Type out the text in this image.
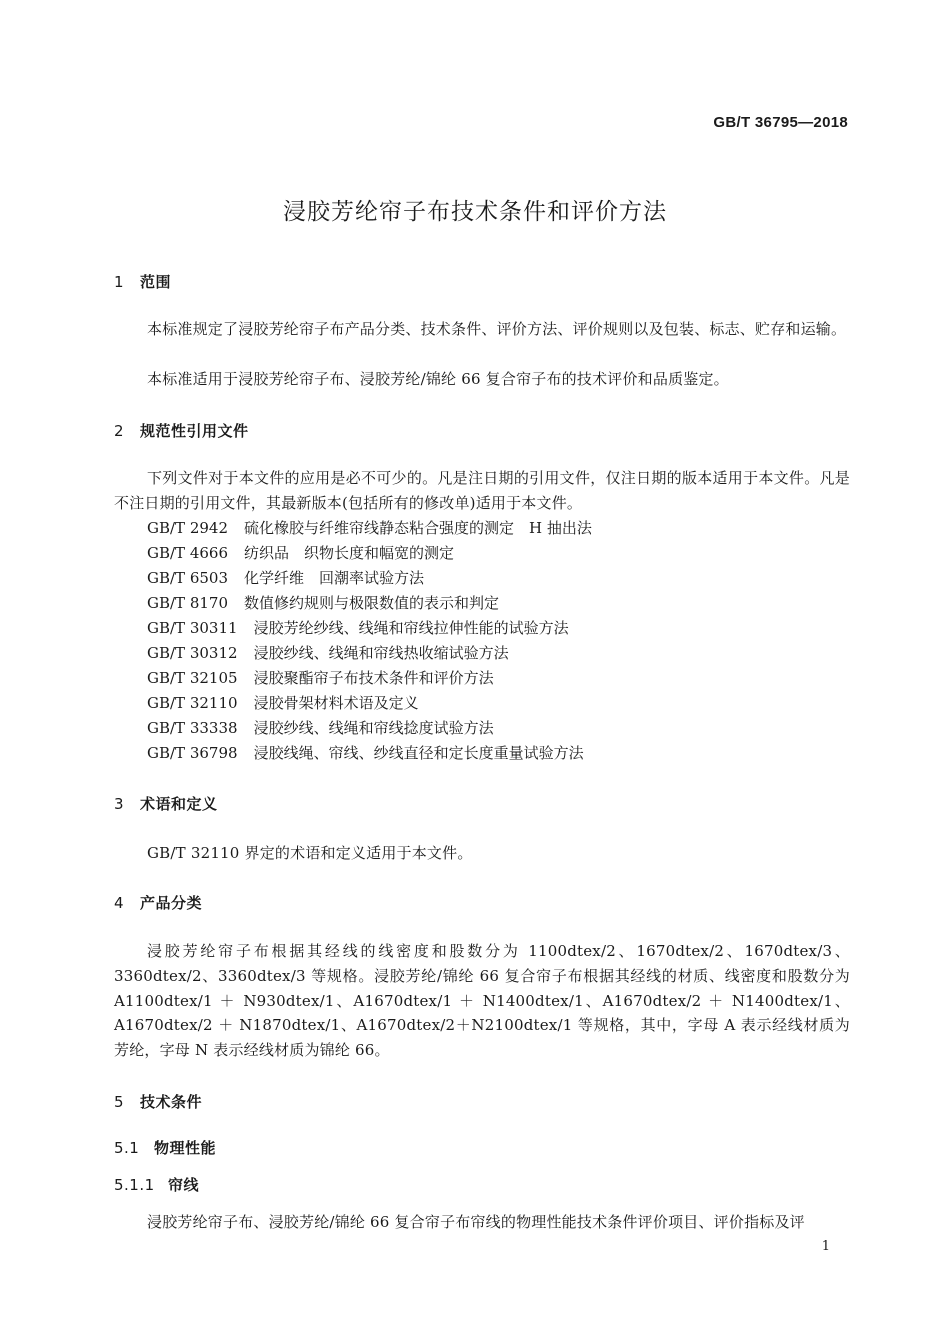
GB/T 36795—2018
浸胶芳纶帘子布技术条件和评价方法
1 范围

本标准规定了浸胶芳纶帘子布产品分类、技术条件、评价方法、评价规则以及包装、标志、贮存和运输。

本标准适用于浸胶芳纶帘子布、浸胶芳纶/锦纶 66 复合帘子布的技术评价和品质鉴定。

2 规范性引用文件

下列文件对于本文件的应用是必不可少的。凡是注日期的引用文件，仅注日期的版本适用于本文件。凡是不注日期的引用文件，其最新版本(包括所有的修改单)适用于本文件。

GB/T 2942 硫化橡胶与纤维帘线静态粘合强度的测定　H 抽出法
GB/T 4666 纺织品　织物长度和幅宽的测定
GB/T 6503 化学纤维　回潮率试验方法
GB/T 8170 数值修约规则与极限数值的表示和判定
GB/T 30311 浸胶芳纶纱线、线绳和帘线拉伸性能的试验方法
GB/T 30312 浸胶纱线、线绳和帘线热收缩试验方法
GB/T 32105 浸胶聚酯帘子布技术条件和评价方法
GB/T 32110 浸胶骨架材料术语及定义
GB/T 33338 浸胶纱线、线绳和帘线捻度试验方法
GB/T 36798 浸胶线绳、帘线、纱线直径和定长度重量试验方法
3 术语和定义

GB/T 32110 界定的术语和定义适用于本文件。

4 产品分类

浸胶芳纶帘子布根据其经线的线密度和股数分为 1100dtex/2、1670dtex/2、1670dtex/3、3360dtex/2、3360dtex/3 等规格。浸胶芳纶/锦纶 66 复合帘子布根据其经线的材质、线密度和股数分为 A1100dtex/1 ＋ N930dtex/1、A1670dtex/1 ＋ N1400dtex/1、A1670dtex/2 ＋ N1400dtex/1、A1670dtex/2 ＋ N1870dtex/1、A1670dtex/2＋N2100dtex/1 等规格，其中，字母 A 表示经线材质为芳纶，字母 N 表示经线材质为锦纶 66。

5 技术条件
5.1 物理性能
5.1.1 帘线

浸胶芳纶帘子布、浸胶芳纶/锦纶 66 复合帘子布帘线的物理性能技术条件评价项目、评价指标及评

1
